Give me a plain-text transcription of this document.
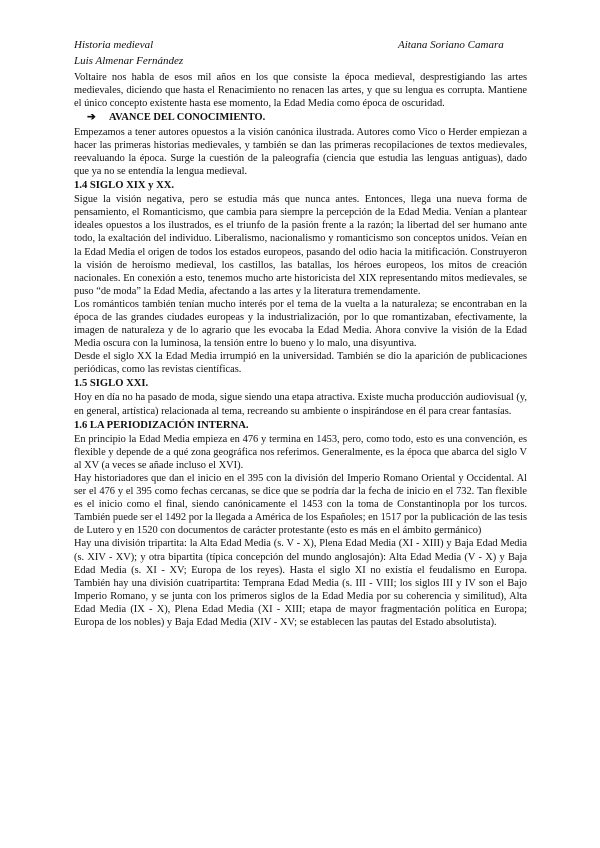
Historia medieval	Aitana Soriano Camara
Luis Almenar Fernández

Voltaire nos habla de esos mil años en los que consiste la época medieval, desprestigiando las artes medievales, diciendo que hasta el Renacimiento no renacen las artes, y que su lengua es corrupta. Mantiene el único concepto existente hasta ese momento, la Edad Media como época de oscuridad.

➔ AVANCE DEL CONOCIMIENTO.

Empezamos a tener autores opuestos a la visión canónica ilustrada. Autores como Vico o Herder empiezan a hacer las primeras historias medievales, y también se dan las primeras recopilaciones de textos medievales, reevaluando la época. Surge la cuestión de la paleografía (ciencia que estudia las lenguas antiguas), dado que ya no se entendía la lengua medieval.

1.4 SIGLO XIX y XX.

Sigue la visión negativa, pero se estudia más que nunca antes. Entonces, llega una nueva forma de pensamiento, el Romanticismo, que cambia para siempre la percepción de la Edad Media. Venían a plantear ideales opuestos a los ilustrados, es el triunfo de la pasión frente a la razón; la libertad del ser humano ante todo, la exaltación del individuo. Liberalismo, nacionalismo y romanticismo son conceptos unidos. Veían en la Edad Media el origen de todos los estados europeos, pasando del odio hacia la mitificación. Construyeron la visión de heroísmo medieval, los castillos, las batallas, los héroes europeos, los mitos de creación nacionales. En conexión a esto, tenemos mucho arte historicista del XIX representando mitos medievales, se puso “de moda” la Edad Media, afectando a las artes y la literatura tremendamente.

Los románticos también tenían mucho interés por el tema de la vuelta a la naturaleza; se encontraban en la época de las grandes ciudades europeas y la industrialización, por lo que romantizaban, efectivamente, la imagen de naturaleza y de lo agrario que les evocaba la Edad Media. Ahora convive la visión de la Edad Media oscura con la luminosa, la tensión entre lo bueno y lo malo, una disyuntiva.

Desde el siglo XX la Edad Media irrumpió en la universidad. También se dio la aparición de publicaciones periódicas, como las revistas científicas.

1.5 SIGLO XXI.

Hoy en día no ha pasado de moda, sigue siendo una etapa atractiva. Existe mucha producción audiovisual (y, en general, artística) relacionada al tema, recreando su ambiente o inspirándose en él para crear fantasías.

1.6 LA PERIODIZACIÓN INTERNA.

En principio la Edad Media empieza en 476 y termina en 1453, pero, como todo, esto es una convención, es flexible y depende de a qué zona geográfica nos referimos. Generalmente, es la época que abarca del siglo V al XV (a veces se añade incluso el XVI).

Hay historiadores que dan el inicio en el 395 con la división del Imperio Romano Oriental y Occidental. Al ser el 476 y el 395 como fechas cercanas, se dice que se podría dar la fecha de inicio en el 732. Tan flexible es el inicio como el final, siendo canónicamente el 1453 con la toma de Constantinopla por los turcos. También puede ser el 1492 por la llegada a América de los Españoles; en 1517 por la publicación de las tesis de Lutero y en 1520 con documentos de carácter protestante (esto es más en el ámbito germánico)

Hay una división tripartita: la Alta Edad Media (s. V - X), Plena Edad Media (XI - XIII) y Baja Edad Media (s. XIV - XV); y otra bipartita (típica concepción del mundo anglosajón): Alta Edad Media (V - X) y Baja Edad Media (s. XI - XV; Europa de los reyes). Hasta el siglo XI no existía el feudalismo en Europa. También hay una división cuatripartita: Temprana Edad Media (s. III - VIII; los siglos III y IV son el Bajo Imperio Romano, y se junta con los primeros siglos de la Edad Media por su coherencia y similitud), Alta Edad Media (IX - X), Plena Edad Media (XI - XIII; etapa de mayor fragmentación política en Europa; Europa de los nobles) y Baja Edad Media (XIV - XV; se establecen las pautas del Estado absolutista).
